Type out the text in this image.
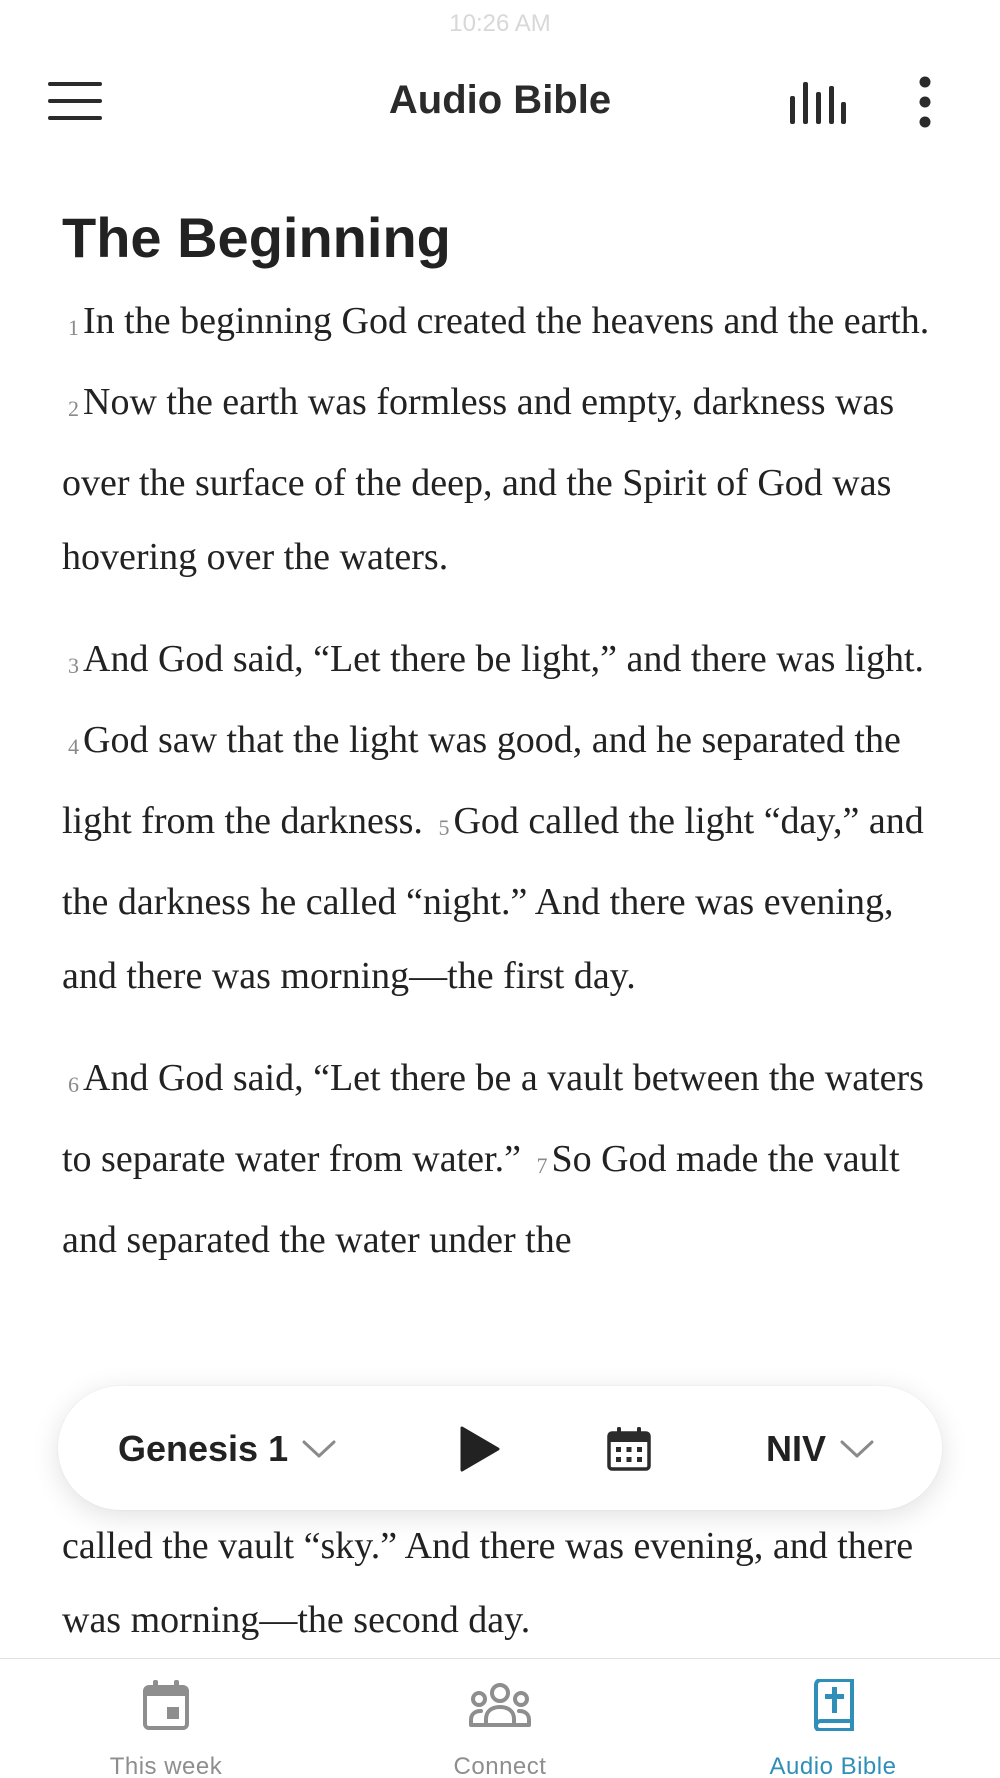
10:26 AM
Audio Bible
The Beginning

1 In the beginning God created the heavens and the earth. 2 Now the earth was formless and empty, darkness was over the surface of the deep, and the Spirit of God was hovering over the waters.

3 And God said, “Let there be light,” and there was light. 4 God saw that the light was good, and he separated the light from the darkness. 5 God called the light “day,” and the darkness he called “night.” And there was evening, and there was morning—the first day.

6 And God said, “Let there be a vault between the waters to separate water from water.” 7 So God made the vault and separated the water under the

called the vault “sky.” And there was evening, and there was morning—the second day.

Genesis 1	NIV
This week	Connect	Audio Bible
